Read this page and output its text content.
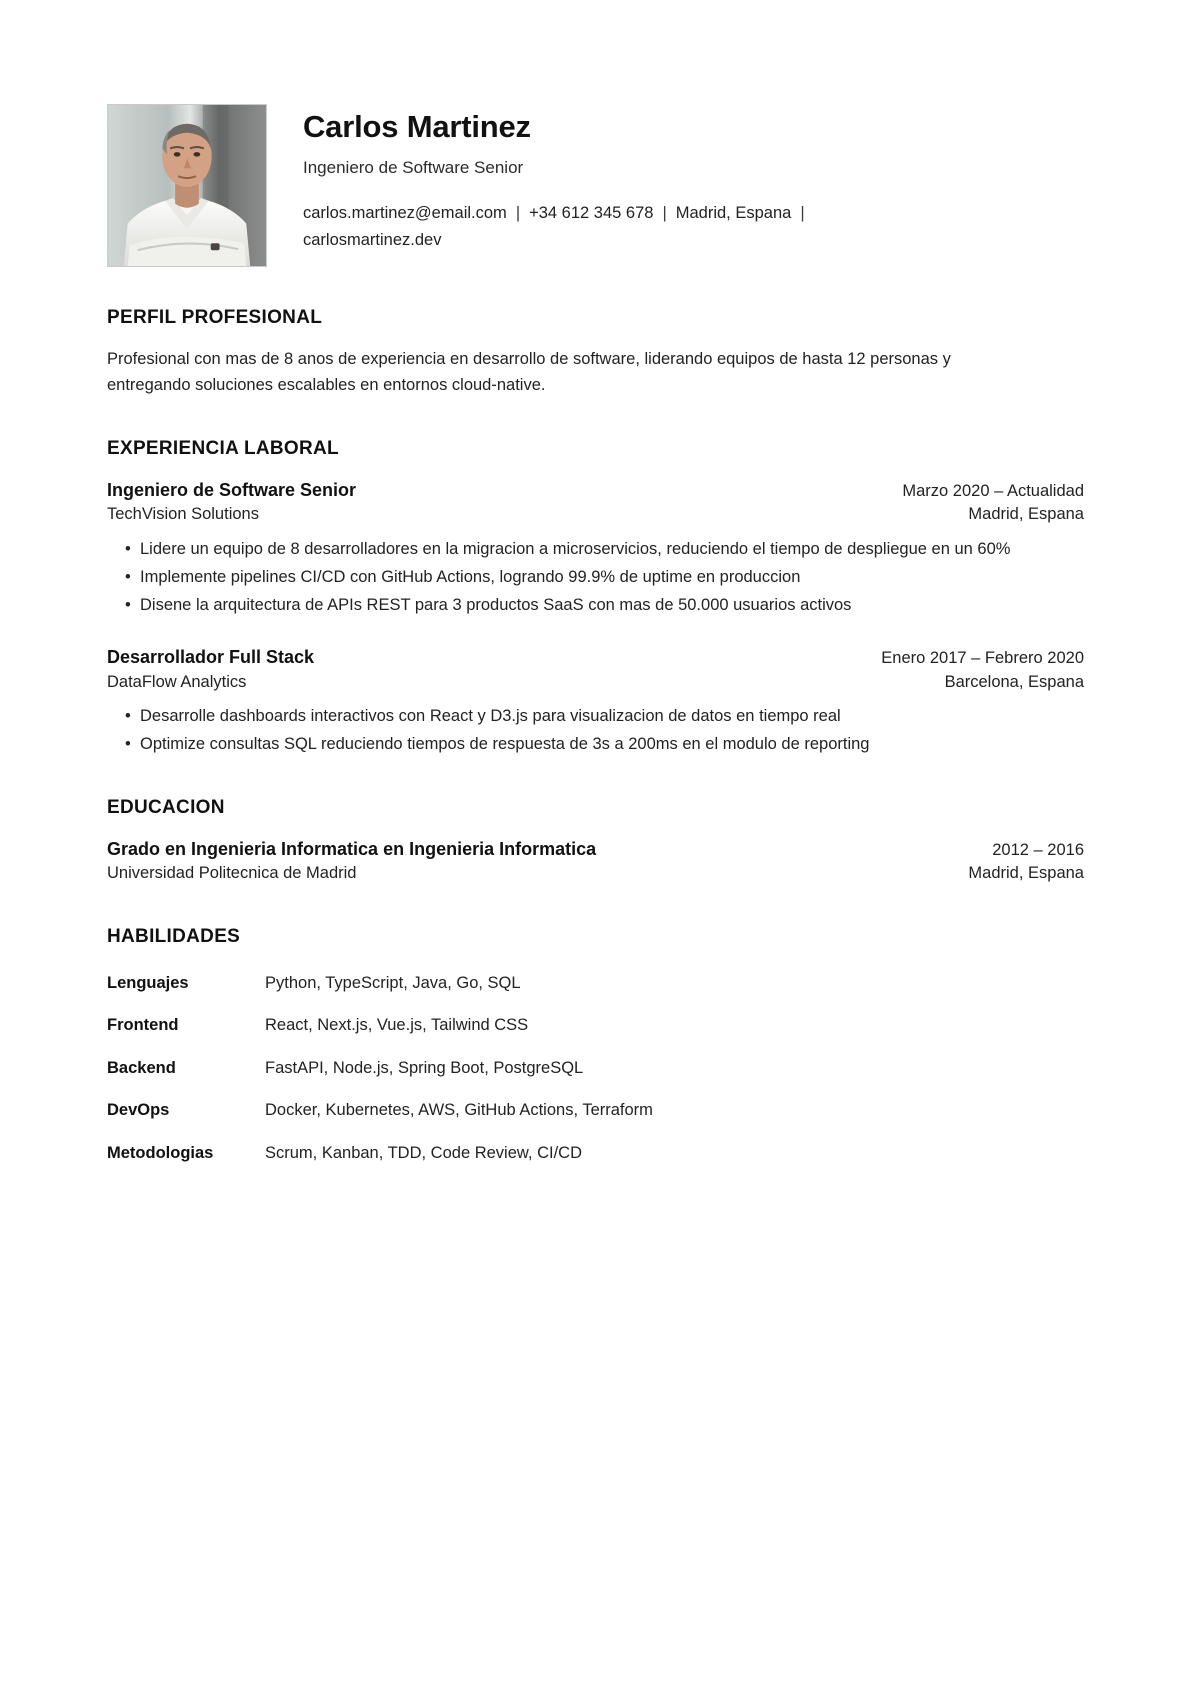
Carlos Martinez
Ingeniero de Software Senior
carlos.martinez@email.com | +34 612 345 678 | Madrid, Espana |carlosmartinez.dev
PERFIL PROFESIONAL

Profesional con mas de 8 anos de experiencia en desarrollo de software, liderando equipos de hasta 12 personas y entregando soluciones escalables en entornos cloud-native.

EXPERIENCIA LABORAL
Ingeniero de Software Senior	Marzo 2020 – Actualidad
TechVision Solutions	Madrid, Espana
• Lidere un equipo de 8 desarrolladores en la migracion a microservicios, reduciendo el tiempo de despliegue en un 60%
• Implemente pipelines CI/CD con GitHub Actions, logrando 99.9% de uptime en produccion
• Disene la arquitectura de APIs REST para 3 productos SaaS con mas de 50.000 usuarios activos
Desarrollador Full Stack	Enero 2017 – Febrero 2020
DataFlow Analytics	Barcelona, Espana
• Desarrolle dashboards interactivos con React y D3.js para visualizacion de datos en tiempo real
• Optimize consultas SQL reduciendo tiempos de respuesta de 3s a 200ms en el modulo de reporting
EDUCACION
Grado en Ingenieria Informatica en Ingenieria Informatica	2012 – 2016
Universidad Politecnica de Madrid	Madrid, Espana
HABILIDADES
Lenguajes	Python, TypeScript, Java, Go, SQL
Frontend	React, Next.js, Vue.js, Tailwind CSS
Backend	FastAPI, Node.js, Spring Boot, PostgreSQL
DevOps	Docker, Kubernetes, AWS, GitHub Actions, Terraform
Metodologias	Scrum, Kanban, TDD, Code Review, CI/CD
